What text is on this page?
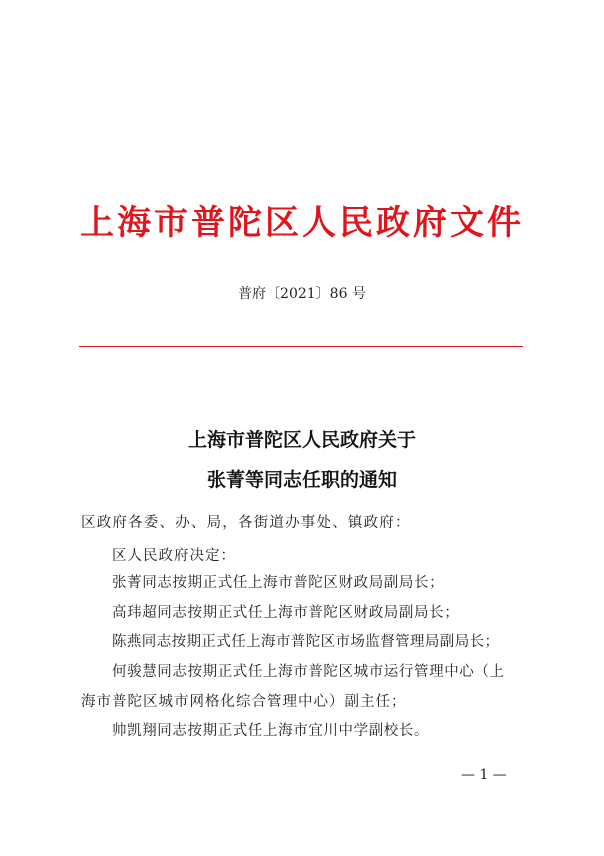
上海市普陀区人民政府文件
普府〔2021〕86 号
上海市普陀区人民政府关于
张菁等同志任职的通知
区政府各委、办、局，各街道办事处、镇政府：
区人民政府决定：
张菁同志按期正式任上海市普陀区财政局副局长；
高玮超同志按期正式任上海市普陀区财政局副局长；
陈燕同志按期正式任上海市普陀区市场监督管理局副局长；
何骏慧同志按期正式任上海市普陀区城市运行管理中心（上
海市普陀区城市网格化综合管理中心）副主任；
帅凯翔同志按期正式任上海市宜川中学副校长。
— 1 —
